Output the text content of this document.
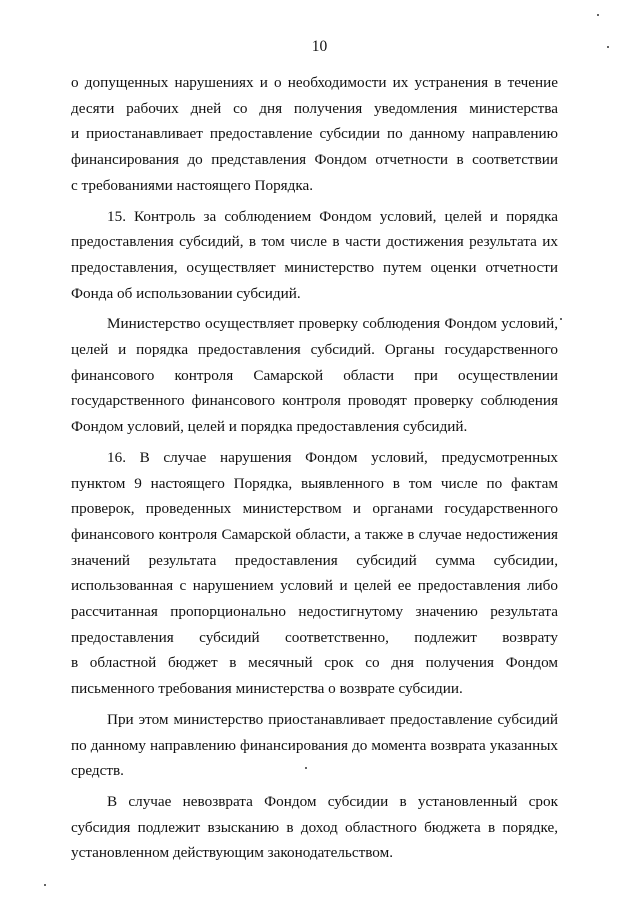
10
о допущенных нарушениях и о необходимости их устранения в течение
десяти рабочих дней со дня получения уведомления министерства
и приостанавливает предоставление субсидии по данному направлению
финансирования до представления Фондом отчетности в соответствии
с требованиями настоящего Порядка.
15. Контроль за соблюдением Фондом условий, целей и порядка
предоставления субсидий, в том числе в части достижения результата их
предоставления, осуществляет министерство путем оценки отчетности
Фонда об использовании субсидий.
Министерство осуществляет проверку соблюдения Фондом условий,
целей и порядка предоставления субсидий. Органы государственного
финансового контроля Самарской области при осуществлении
государственного финансового контроля проводят проверку соблюдения
Фондом условий, целей и порядка предоставления субсидий.
16. В случае нарушения Фондом условий, предусмотренных
пунктом 9 настоящего Порядка, выявленного в том числе по фактам
проверок, проведенных министерством и органами государственного
финансового контроля Самарской области, а также в случае недостижения
значений результата предоставления субсидий сумма субсидии,
использованная с нарушением условий и целей ее предоставления либо
рассчитанная пропорционально недостигнутому значению результата
предоставления субсидий соответственно, подлежит возврату
в областной бюджет в месячный срок со дня получения Фондом
письменного требования министерства о возврате субсидии.
При этом министерство приостанавливает предоставление субсидий
по данному направлению финансирования до момента возврата указанных
средств.
В случае невозврата Фондом субсидии в установленный срок
субсидия подлежит взысканию в доход областного бюджета в порядке,
установленном действующим законодательством.
